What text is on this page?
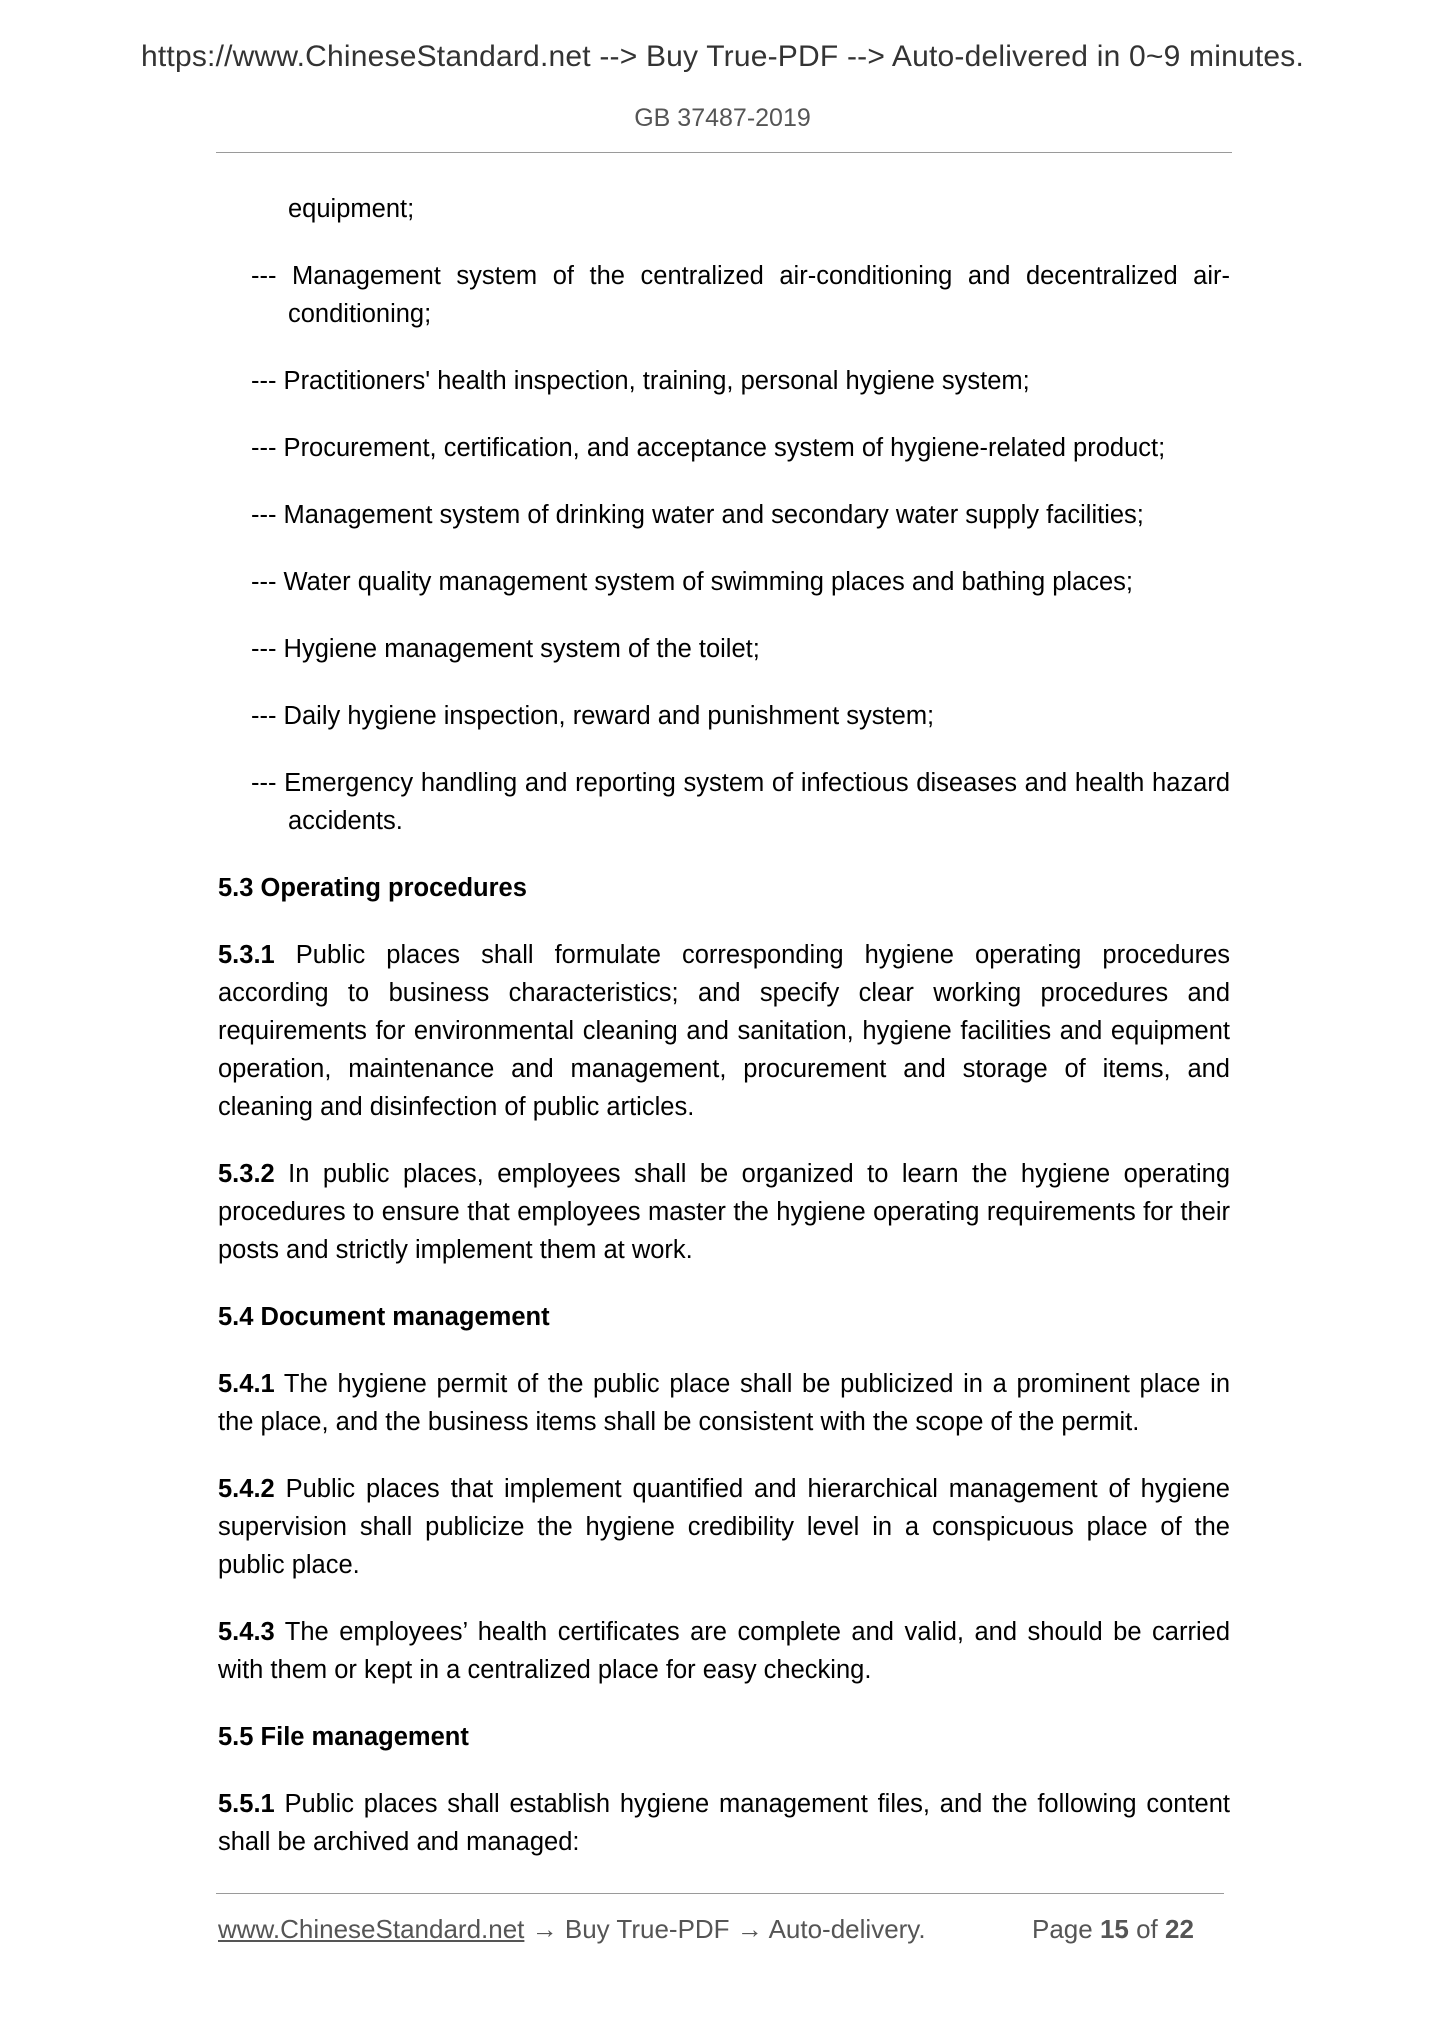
https://www.ChineseStandard.net --> Buy True-PDF --> Auto-delivered in 0~9 minutes.
GB 37487-2019

equipment;

--- Management system of the centralized air-conditioning and decentralized air-conditioning;

--- Practitioners' health inspection, training, personal hygiene system;

--- Procurement, certification, and acceptance system of hygiene-related product;

--- Management system of drinking water and secondary water supply facilities;

--- Water quality management system of swimming places and bathing places;

--- Hygiene management system of the toilet;

--- Daily hygiene inspection, reward and punishment system;

--- Emergency handling and reporting system of infectious diseases and health hazard accidents.

5.3 Operating procedures

5.3.1 Public places shall formulate corresponding hygiene operating procedures according to business characteristics; and specify clear working procedures and requirements for environmental cleaning and sanitation, hygiene facilities and equipment operation, maintenance and management, procurement and storage of items, and cleaning and disinfection of public articles.

5.3.2 In public places, employees shall be organized to learn the hygiene operating procedures to ensure that employees master the hygiene operating requirements for their posts and strictly implement them at work.

5.4 Document management

5.4.1 The hygiene permit of the public place shall be publicized in a prominent place in the place, and the business items shall be consistent with the scope of the permit.

5.4.2 Public places that implement quantified and hierarchical management of hygiene supervision shall publicize the hygiene credibility level in a conspicuous place of the public place.

5.4.3 The employees’ health certificates are complete and valid, and should be carried with them or kept in a centralized place for easy checking.

5.5 File management

5.5.1 Public places shall establish hygiene management files, and the following content shall be archived and managed:

www.ChineseStandard.net → Buy True-PDF → Auto-delivery.	Page 15 of 22
